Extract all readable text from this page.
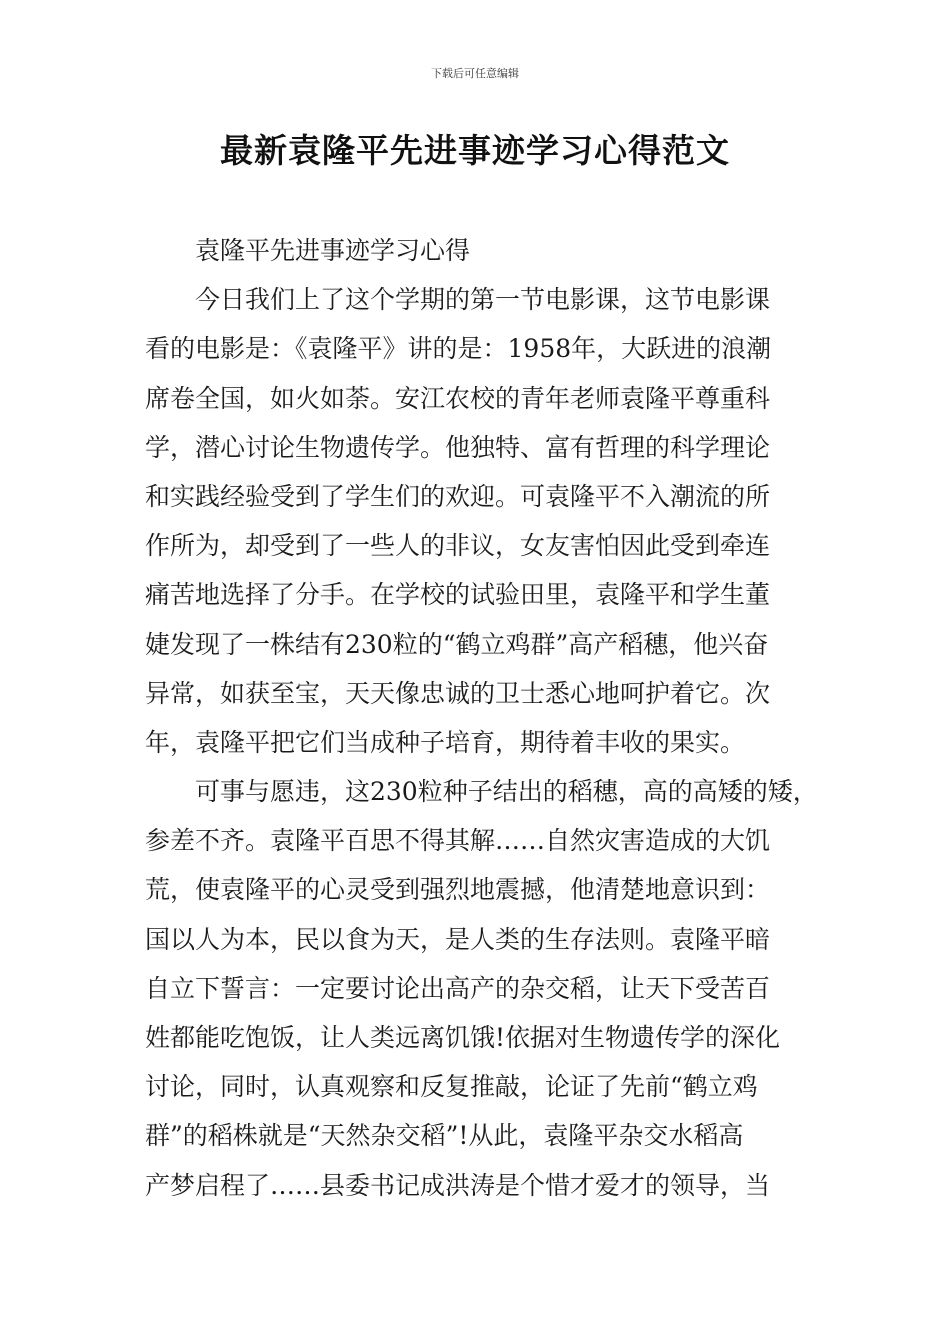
下载后可任意编辑
最新袁隆平先进事迹学习心得范文
袁隆平先进事迹学习心得
今日我们上了这个学期的第一节电影课，这节电影课
看的电影是：《袁隆平》讲的是：1958年，大跃进的浪潮
席卷全国，如火如荼。安江农校的青年老师袁隆平尊重科
学，潜心讨论生物遗传学。他独特、富有哲理的科学理论
和实践经验受到了学生们的欢迎。可袁隆平不入潮流的所
作所为，却受到了一些人的非议，女友害怕因此受到牵连
痛苦地选择了分手。在学校的试验田里，袁隆平和学生董
婕发现了一株结有230粒的“鹤立鸡群”高产稻穗，他兴奋
异常，如获至宝，天天像忠诚的卫士悉心地呵护着它。次
年，袁隆平把它们当成种子培育，期待着丰收的果实。
可事与愿违，这230粒种子结出的稻穗，高的高矮的矮，
参差不齐。袁隆平百思不得其解……自然灾害造成的大饥
荒，使袁隆平的心灵受到强烈地震撼，他清楚地意识到：
国以人为本，民以食为天，是人类的生存法则。袁隆平暗
自立下誓言：一定要讨论出高产的杂交稻，让天下受苦百
姓都能吃饱饭，让人类远离饥饿!依据对生物遗传学的深化
讨论，同时，认真观察和反复推敲，论证了先前“鹤立鸡
群”的稻株就是“天然杂交稻”!从此，袁隆平杂交水稻高
产梦启程了……县委书记成洪涛是个惜才爱才的领导，当
